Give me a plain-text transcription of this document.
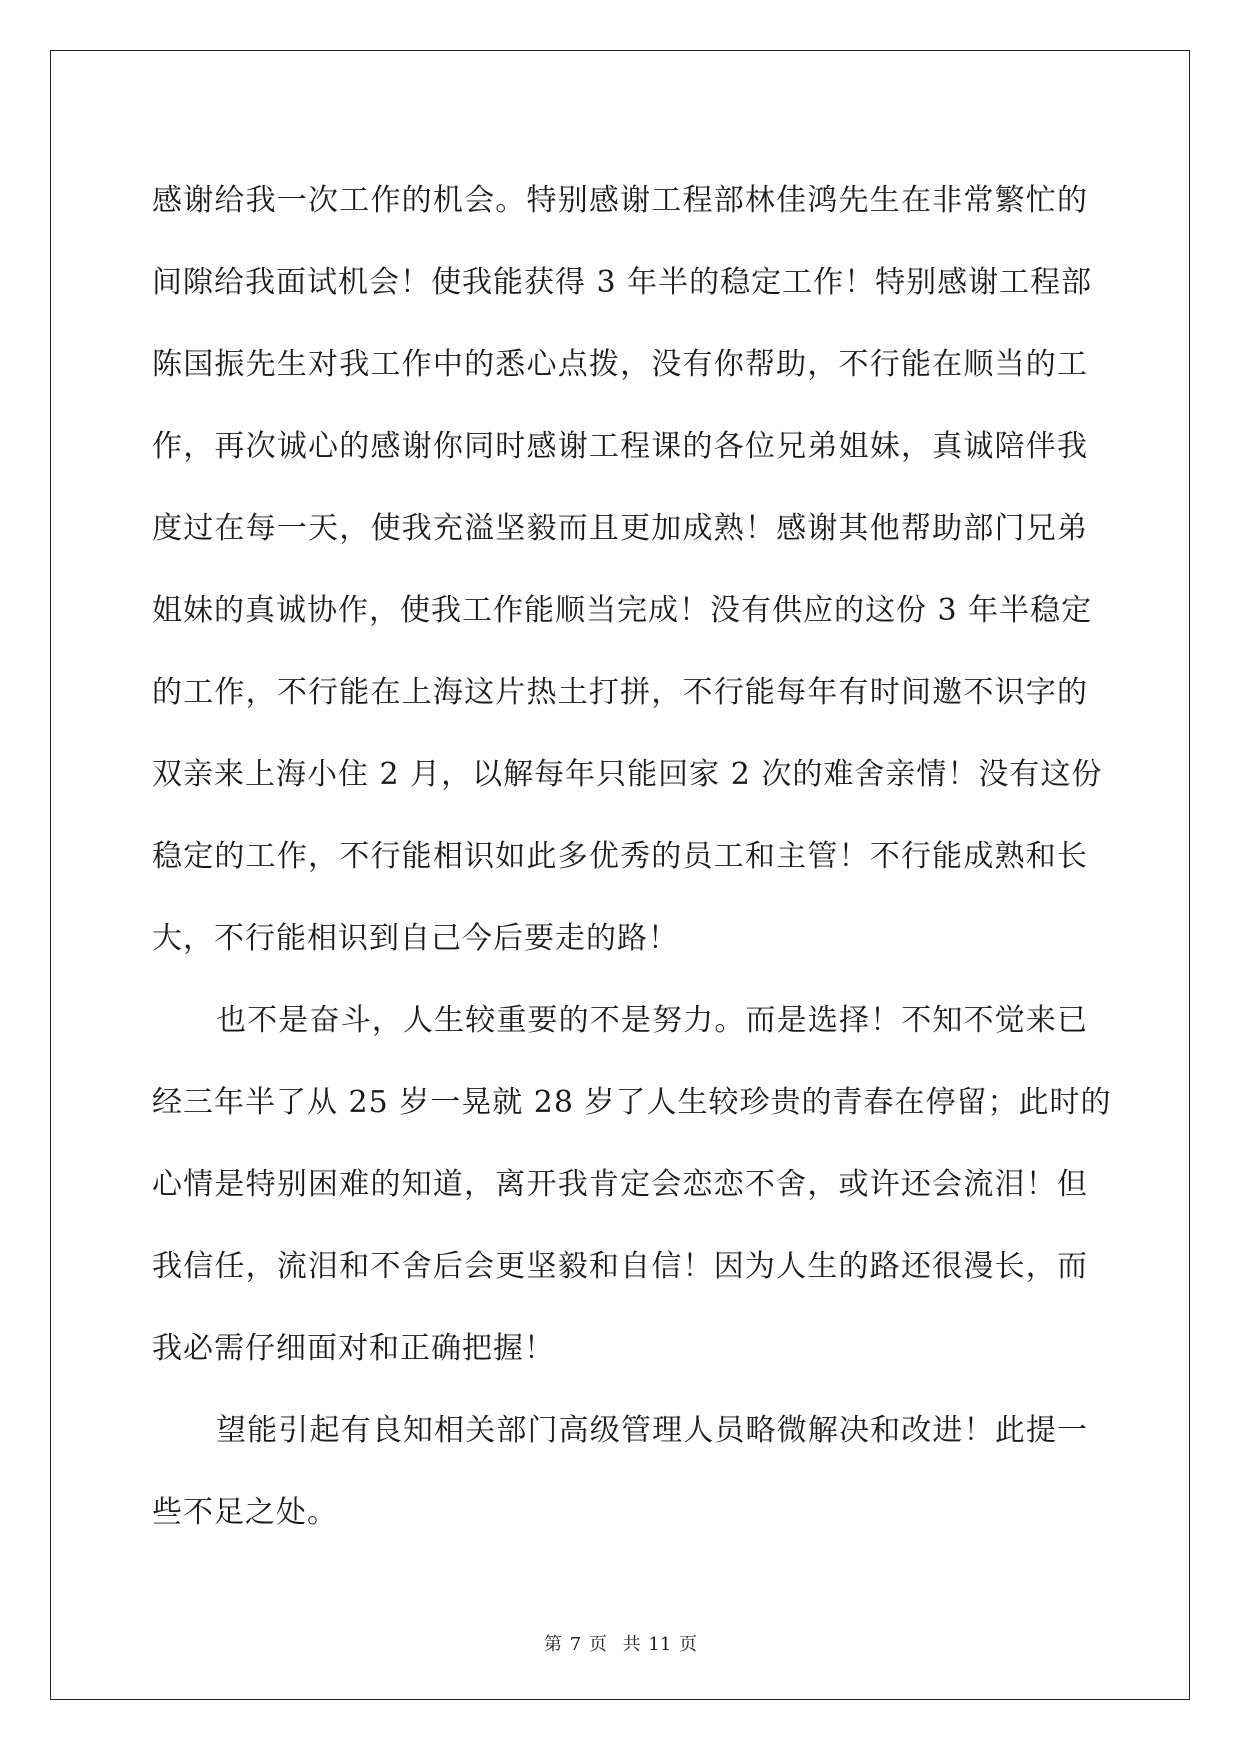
感谢给我一次工作的机会。特别感谢工程部林佳鸿先生在非常繁忙的
间隙给我面试机会！使我能获得 3 年半的稳定工作！特别感谢工程部
陈国振先生对我工作中的悉心点拨，没有你帮助，不行能在顺当的工
作，再次诚心的感谢你同时感谢工程课的各位兄弟姐妹，真诚陪伴我
度过在每一天，使我充溢坚毅而且更加成熟！感谢其他帮助部门兄弟
姐妹的真诚协作，使我工作能顺当完成！没有供应的这份 3 年半稳定
的工作，不行能在上海这片热土打拼，不行能每年有时间邀不识字的
双亲来上海小住 2 月，以解每年只能回家 2 次的难舍亲情！没有这份
稳定的工作，不行能相识如此多优秀的员工和主管！不行能成熟和长
大，不行能相识到自己今后要走的路！
也不是奋斗，人生较重要的不是努力。而是选择！不知不觉来已
经三年半了从 25 岁一晃就 28 岁了人生较珍贵的青春在停留；此时的
心情是特别困难的知道，离开我肯定会恋恋不舍，或许还会流泪！但
我信任，流泪和不舍后会更坚毅和自信！因为人生的路还很漫长，而
我必需仔细面对和正确把握！
望能引起有良知相关部门高级管理人员略微解决和改进！此提一
些不足之处。
第 7 页 共 11 页
